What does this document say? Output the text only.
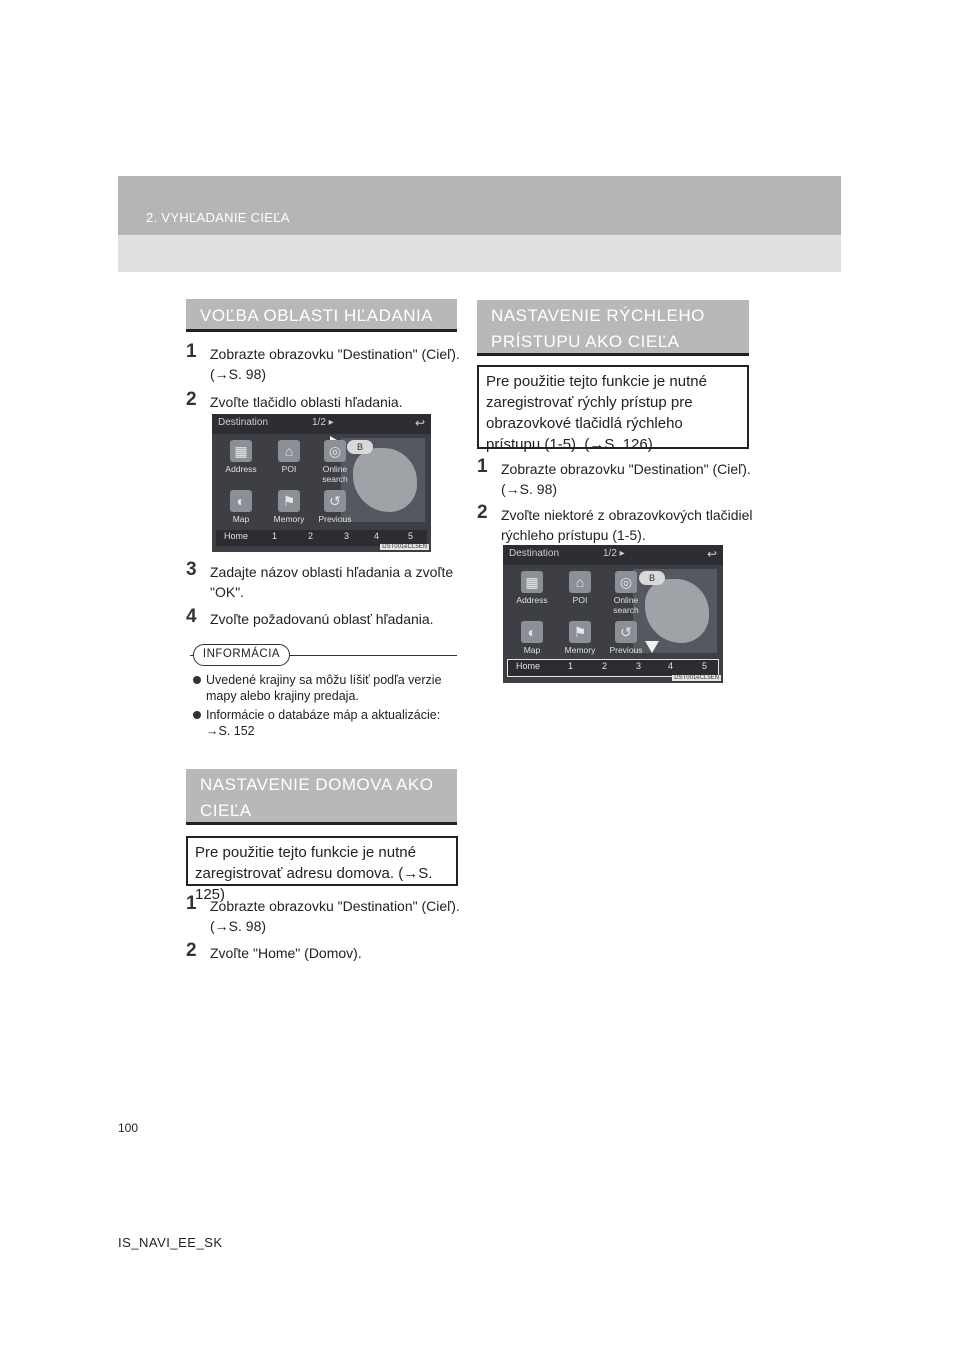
2. VYHĽADANIE CIEĽA
VOĽBA OBLASTI HĽADANIA
1 Zobrazte obrazovku "Destination" (Cieľ). (→S. 98)
2 Zvoľte tlačidlo oblasti hľadania.
Destination	1/2 ▸	↩
B
▦
Address
⌂
POI
◎
Online search
◐
Map
⚑
Memory
↺
Previous
Home	1	2	3	4	5
DST001eCL5EN
3 Zadajte názov oblasti hľadania a zvoľte "OK".
4 Zvoľte požadovanú oblasť hľadania.
INFORMÁCIA
Uvedené krajiny sa môžu líšiť podľa verzie mapy alebo krajiny predaja.
Informácie o databáze máp a aktualizácie: →S. 152
NASTAVENIE DOMOVA AKO
CIEĽA
Pre použitie tejto funkcie je nutné zaregistrovať adresu domova. (→S. 125)
1 Zobrazte obrazovku "Destination" (Cieľ). (→S. 98)
2 Zvoľte "Home" (Domov).
NASTAVENIE RÝCHLEHO
PRÍSTUPU AKO CIEĽA
Pre použitie tejto funkcie je nutné zaregistrovať rýchly prístup pre obrazovkové tlačidlá rýchleho prístupu (1-5). (→S. 126)
1 Zobrazte obrazovku "Destination" (Cieľ). (→S. 98)
2 Zvoľte niektoré z obrazovkových tlačidiel rýchleho prístupu (1-5).
Destination	1/2 ▸	↩
B
▦
Address
⌂
POI
◎
Online search
◐
Map
⚑
Memory
↺
Previous
Home	1	2	3	4	5
DST001eCL5EN
100
IS_NAVI_EE_SK
